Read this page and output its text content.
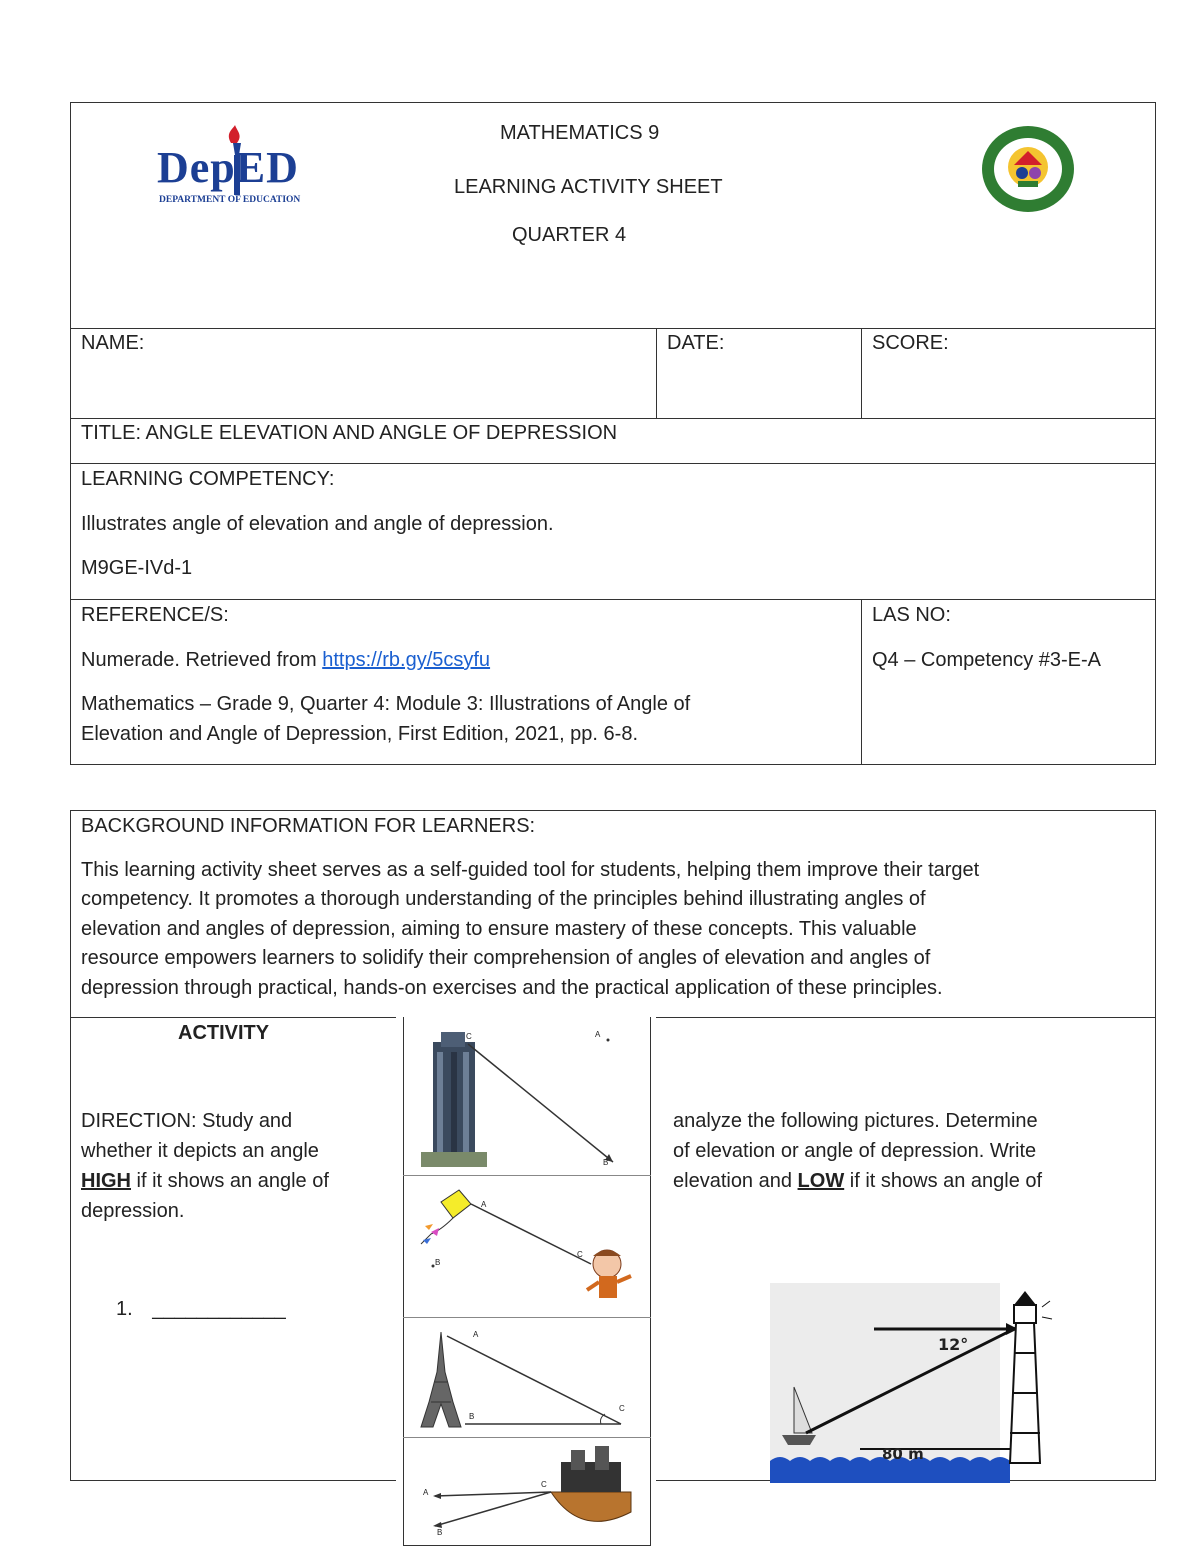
DepED
DEPARTMENT OF EDUCATION
MATHEMATICS 9
LEARNING ACTIVITY SHEET
QUARTER 4
NAME:	DATE:	SCORE:
TITLE: ANGLE ELEVATION AND ANGLE OF DEPRESSION
LEARNING COMPETENCY:
Illustrates angle of elevation and angle of depression.
M9GE-IVd-1
REFERENCE/S:
Numerade. Retrieved from https://rb.gy/5csyfu
Mathematics – Grade 9, Quarter 4: Module 3: Illustrations of Angle of
Elevation and Angle of Depression, First Edition, 2021, pp. 6-8.
LAS NO:
Q4 – Competency #3-E-A
BACKGROUND INFORMATION FOR LEARNERS:
This learning activity sheet serves as a self-guided tool for students, helping them improve their target
competency. It promotes a thorough understanding of the principles behind illustrating angles of
elevation and angles of depression, aiming to ensure mastery of these concepts. This valuable
resource empowers learners to solidify their comprehension of angles of elevation and angles of
depression through practical, hands-on exercises and the practical application of these principles.
ACTIVITY
DIRECTION: Study and
whether it depicts an angle
HIGH if it shows an angle of
depression.
analyze the following pictures. Determine
of elevation or angle of depression. Write
elevation and LOW if it shows an angle of
1. ____________
C	A
B
A
C
B
A
B
C
A
B
C
12°
80 m
